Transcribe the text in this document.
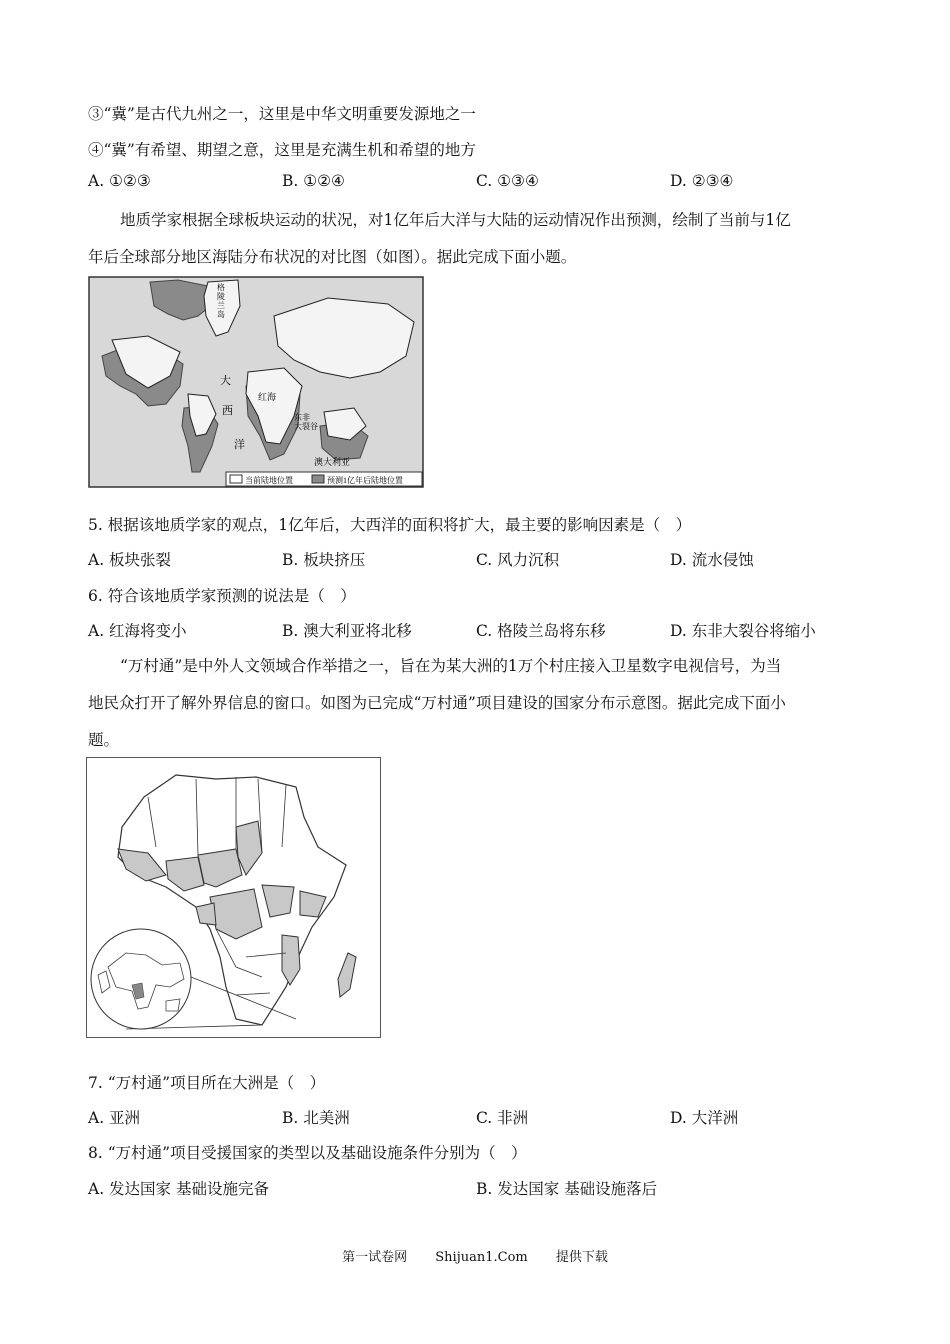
③“冀”是古代九州之一，这里是中华文明重要发源地之一
④“冀”有希望、期望之意，这里是充满生机和希望的地方
A. ①②③	B. ①②④	C. ①③④	D. ②③④
地质学家根据全球板块运动的状况，对1亿年后大洋与大陆的运动情况作出预测，绘制了当前与1亿
年后全球部分地区海陆分布状况的对比图（如图）。据此完成下面小题。
格陵兰岛
大
西
洋
红海
东非大裂谷
澳大利亚
当前陆地位置	预测1亿年后陆地位置
5. 根据该地质学家的观点，1亿年后，大西洋的面积将扩大，最主要的影响因素是（　）
A. 板块张裂	B. 板块挤压	C. 风力沉积	D. 流水侵蚀
6. 符合该地质学家预测的说法是（　）
A. 红海将变小	B. 澳大利亚将北移	C. 格陵兰岛将东移	D. 东非大裂谷将缩小
“万村通”是中外人文领域合作举措之一，旨在为某大洲的1万个村庄接入卫星数字电视信号，为当
地民众打开了解外界信息的窗口。如图为已完成“万村通”项目建设的国家分布示意图。据此完成下面小
题。
7. “万村通”项目所在大洲是（　）
A. 亚洲	B. 北美洲	C. 非洲	D. 大洋洲
8. “万村通”项目受援国家的类型以及基础设施条件分别为（　）
A. 发达国家 基础设施完备	B. 发达国家 基础设施落后
第一试卷网 Shijuan1.Com 提供下载
